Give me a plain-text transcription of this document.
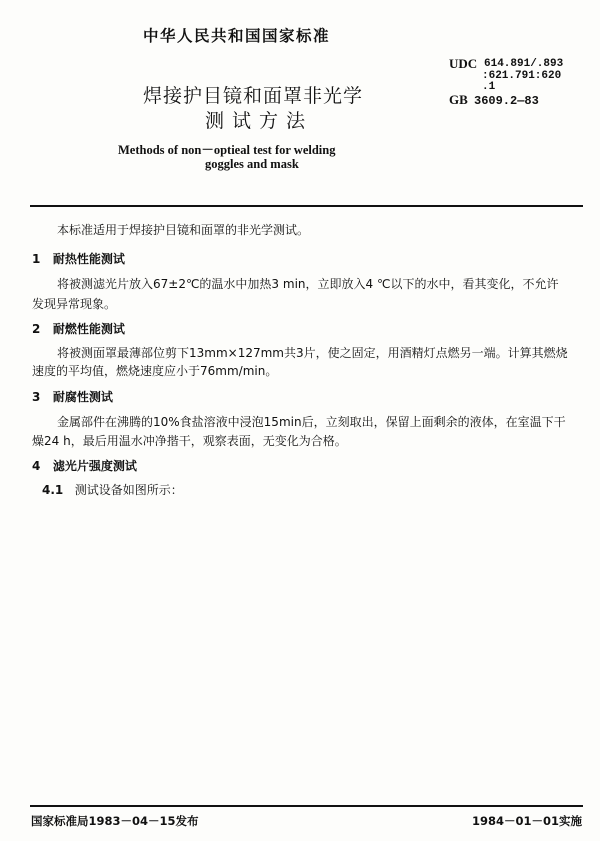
中华人民共和国国家标准
焊接护目镜和面罩非光学
测试方法
Methods of non－optieal test for welding
goggles and mask
UDC 614.891/.893
:621.791:620
.1
GB 3609.2—83
本标准适用于焊接护目镜和面罩的非光学测试。
1 耐热性能测试
将被测滤光片放入67±2℃的温水中加热3 min，立即放入4 ℃以下的水中，看其变化，不允许
发现异常现象。
2 耐燃性能测试
将被测面罩最薄部位剪下13mm×127mm共3片，使之固定，用酒精灯点燃另一端。计算其燃烧
速度的平均值，燃烧速度应小于76mm/min。
3 耐腐性测试
金属部件在沸腾的10%食盐溶液中浸泡15min后，立刻取出，保留上面剩余的液体，在室温下干
燥24 h，最后用温水冲净揩干，观察表面，无变化为合格。
4 滤光片强度测试
4.1 测试设备如图所示：
国家标准局1983－04－15发布	1984－01－01实施
